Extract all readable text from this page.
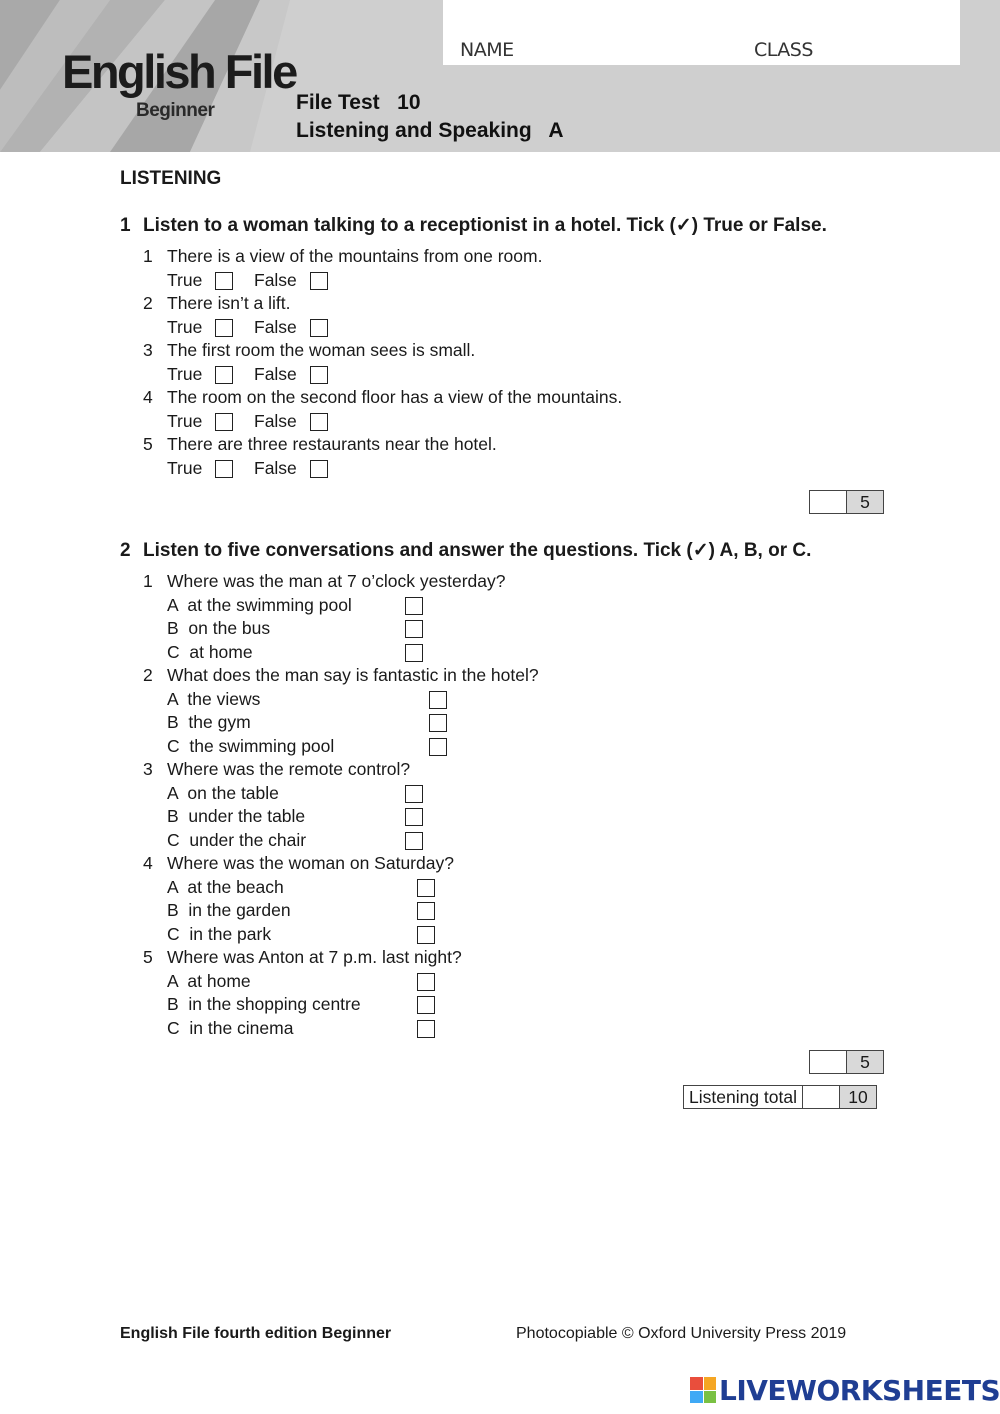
English File
Beginner
NAME	CLASS
File Test   10
Listening and Speaking   A
LISTENING
1 Listen to a woman talking to a receptionist in a hotel. Tick (✓) True or False.
1 There is a view of the mountains from one room.
True	False
2 There isn’t a lift.
True	False
3 The first room the woman sees is small.
True	False
4 The room on the second floor has a view of the mountains.
True	False
5 There are three restaurants near the hotel.
True	False
5
2 Listen to five conversations and answer the questions. Tick (✓) A, B, or C.
1 Where was the man at 7 o’clock yesterday?
A  at the swimming pool
B  on the bus
C  at home
2 What does the man say is fantastic in the hotel?
A  the views
B  the gym
C  the swimming pool
3 Where was the remote control?
A  on the table
B  under the table
C  under the chair
4 Where was the woman on Saturday?
A  at the beach
B  in the garden
C  in the park
5 Where was Anton at 7 p.m. last night?
A  at home
B  in the shopping centre
C  in the cinema
5
Listening total	10
English File fourth edition Beginner	Photocopiable © Oxford University Press 2019
LIVEWORKSHEETS
